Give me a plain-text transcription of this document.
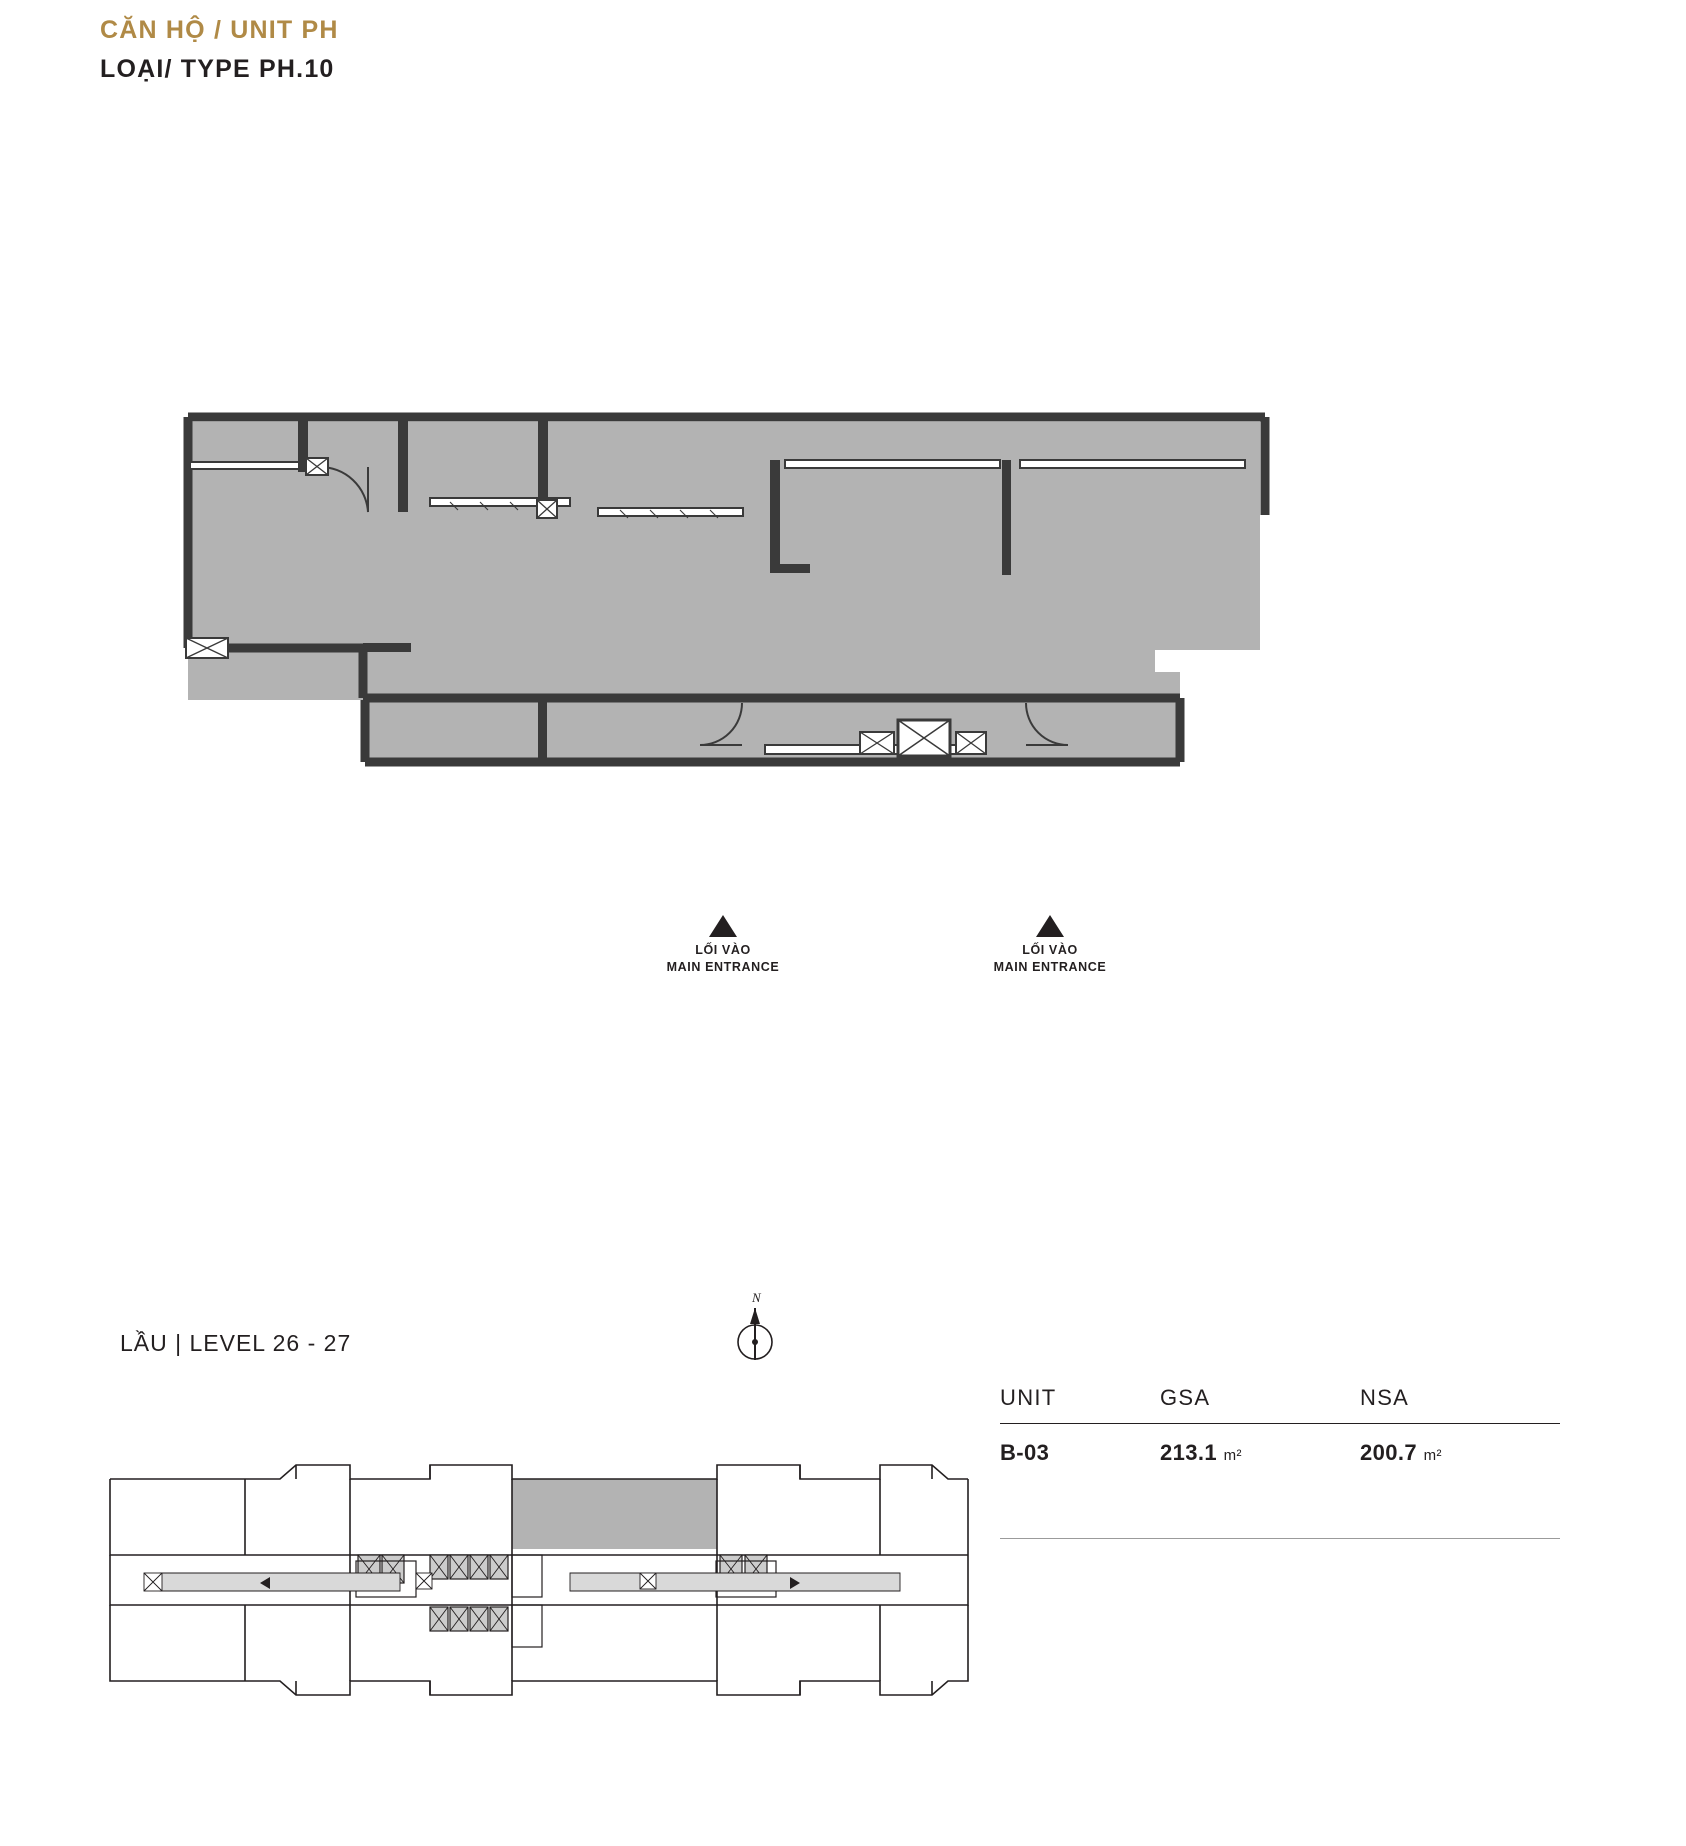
CĂN HỘ / UNIT PH
LOẠI/ TYPE PH.10
LỐI VÀO
MAIN ENTRANCE
LỐI VÀO
MAIN ENTRANCE
LẦU | LEVEL 26 - 27
N
UNIT	GSA	NSA
B-03	213.1 m²	200.7 m²
